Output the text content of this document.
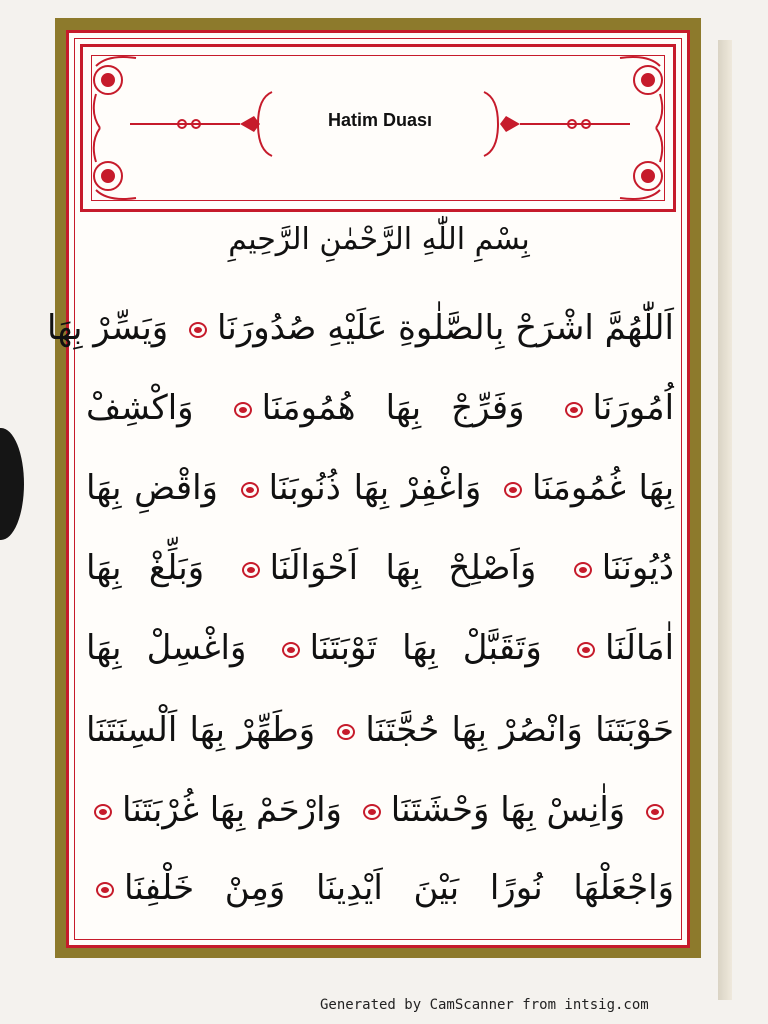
Hatim Duası
بِسْمِ اللّٰهِ الرَّحْمٰنِ الرَّحِيمِ
اَللّٰهُمَّ اشْرَحْ بِالصَّلٰوةِ عَلَيْهِ صُدُورَنَا وَيَسِّرْ بِهَا
اُمُورَنَا وَفَرِّجْ بِهَا هُمُومَنَا وَاكْشِفْ
بِهَا غُمُومَنَا وَاغْفِرْ بِهَا ذُنُوبَنَا وَاقْضِ بِهَا
دُيُونَنَا وَاَصْلِحْ بِهَا اَحْوَالَنَا وَبَلِّغْ بِهَا
اٰمَالَنَا وَتَقَبَّلْ بِهَا تَوْبَتَنَا وَاغْسِلْ بِهَا
حَوْبَتَنَا وَانْصُرْ بِهَا حُجَّتَنَا وَطَهِّرْ بِهَا اَلْسِنَتَنَا
وَاٰنِسْ بِهَا وَحْشَتَنَا وَارْحَمْ بِهَا غُرْبَتَنَا
وَاجْعَلْهَا نُورًا بَيْنَ اَيْدِينَا وَمِنْ خَلْفِنَا
Generated by CamScanner from intsig.com
